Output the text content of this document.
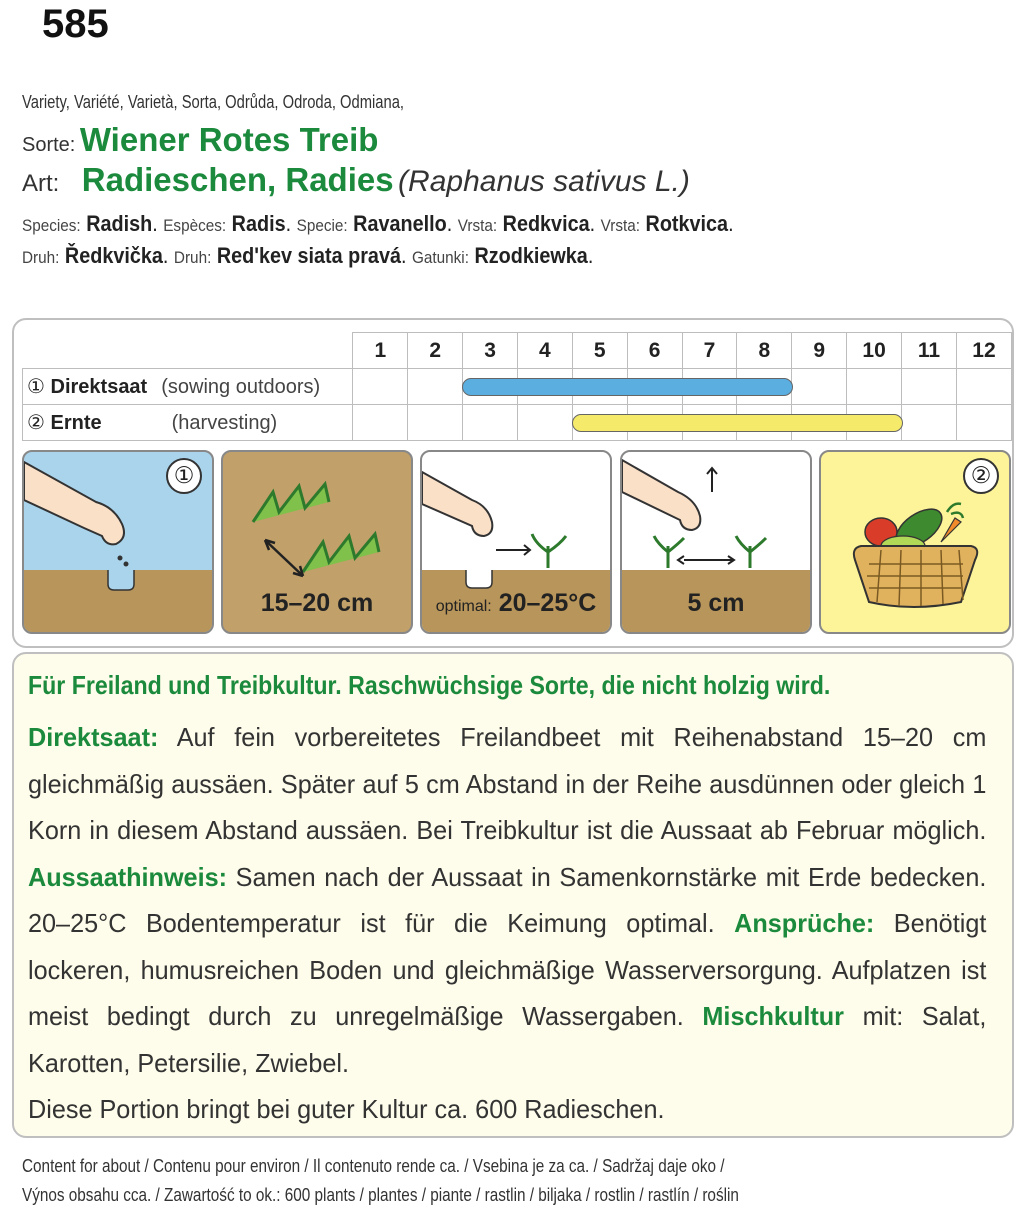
585
Variety, Variété, Varietà, Sorta, Odrůda, Odroda, Odmiana,
Sorte: Wiener Rotes Treib
Art: Radieschen, Radies (Raphanus sativus L.)
Species: Radish. Espèces: Radis. Specie: Ravanello. Vrsta: Redkvica. Vrsta: Rotkvica.
Druh: Ředkvička. Druh: Red'kev siata pravá. Gatunki: Rzodkiewka.
	1	2	3	4	5	6	7	8	9	10	11	12
① Direktsaat (sowing outdoors)												
② Ernte (harvesting)												
①
15–20 cm	optimal: 20–25°C	5 cm
②
Für Freiland und Treibkultur. Raschwüchsige Sorte, die nicht holzig wird.
Direktsaat: Auf fein vorbereitetes Freilandbeet mit Reihenabstand 15–20 cm gleichmäßig aussäen. Später auf 5 cm Abstand in der Reihe ausdünnen oder gleich 1 Korn in diesem Abstand aussäen. Bei Treibkultur ist die Aussaat ab Februar möglich. Aussaathinweis: Samen nach der Aussaat in Samenkornstärke mit Erde bedecken. 20–25°C Bodentemperatur ist für die Keimung optimal. Ansprüche: Benötigt lockeren, humusreichen Boden und gleichmäßige Wasserversorgung. Aufplatzen ist meist bedingt durch zu unregelmäßige Wassergaben. Mischkultur mit: Salat, Karotten, Petersilie, Zwiebel.
Diese Portion bringt bei guter Kultur ca. 600 Radieschen.
Content for about / Contenu pour environ / Il contenuto rende ca. / Vsebina je za ca. / Sadržaj daje oko /
Výnos obsahu cca. / Zawartość to ok.: 600 plants / plantes / piante / rastlin / biljaka / rostlin / rastlín / roślin
